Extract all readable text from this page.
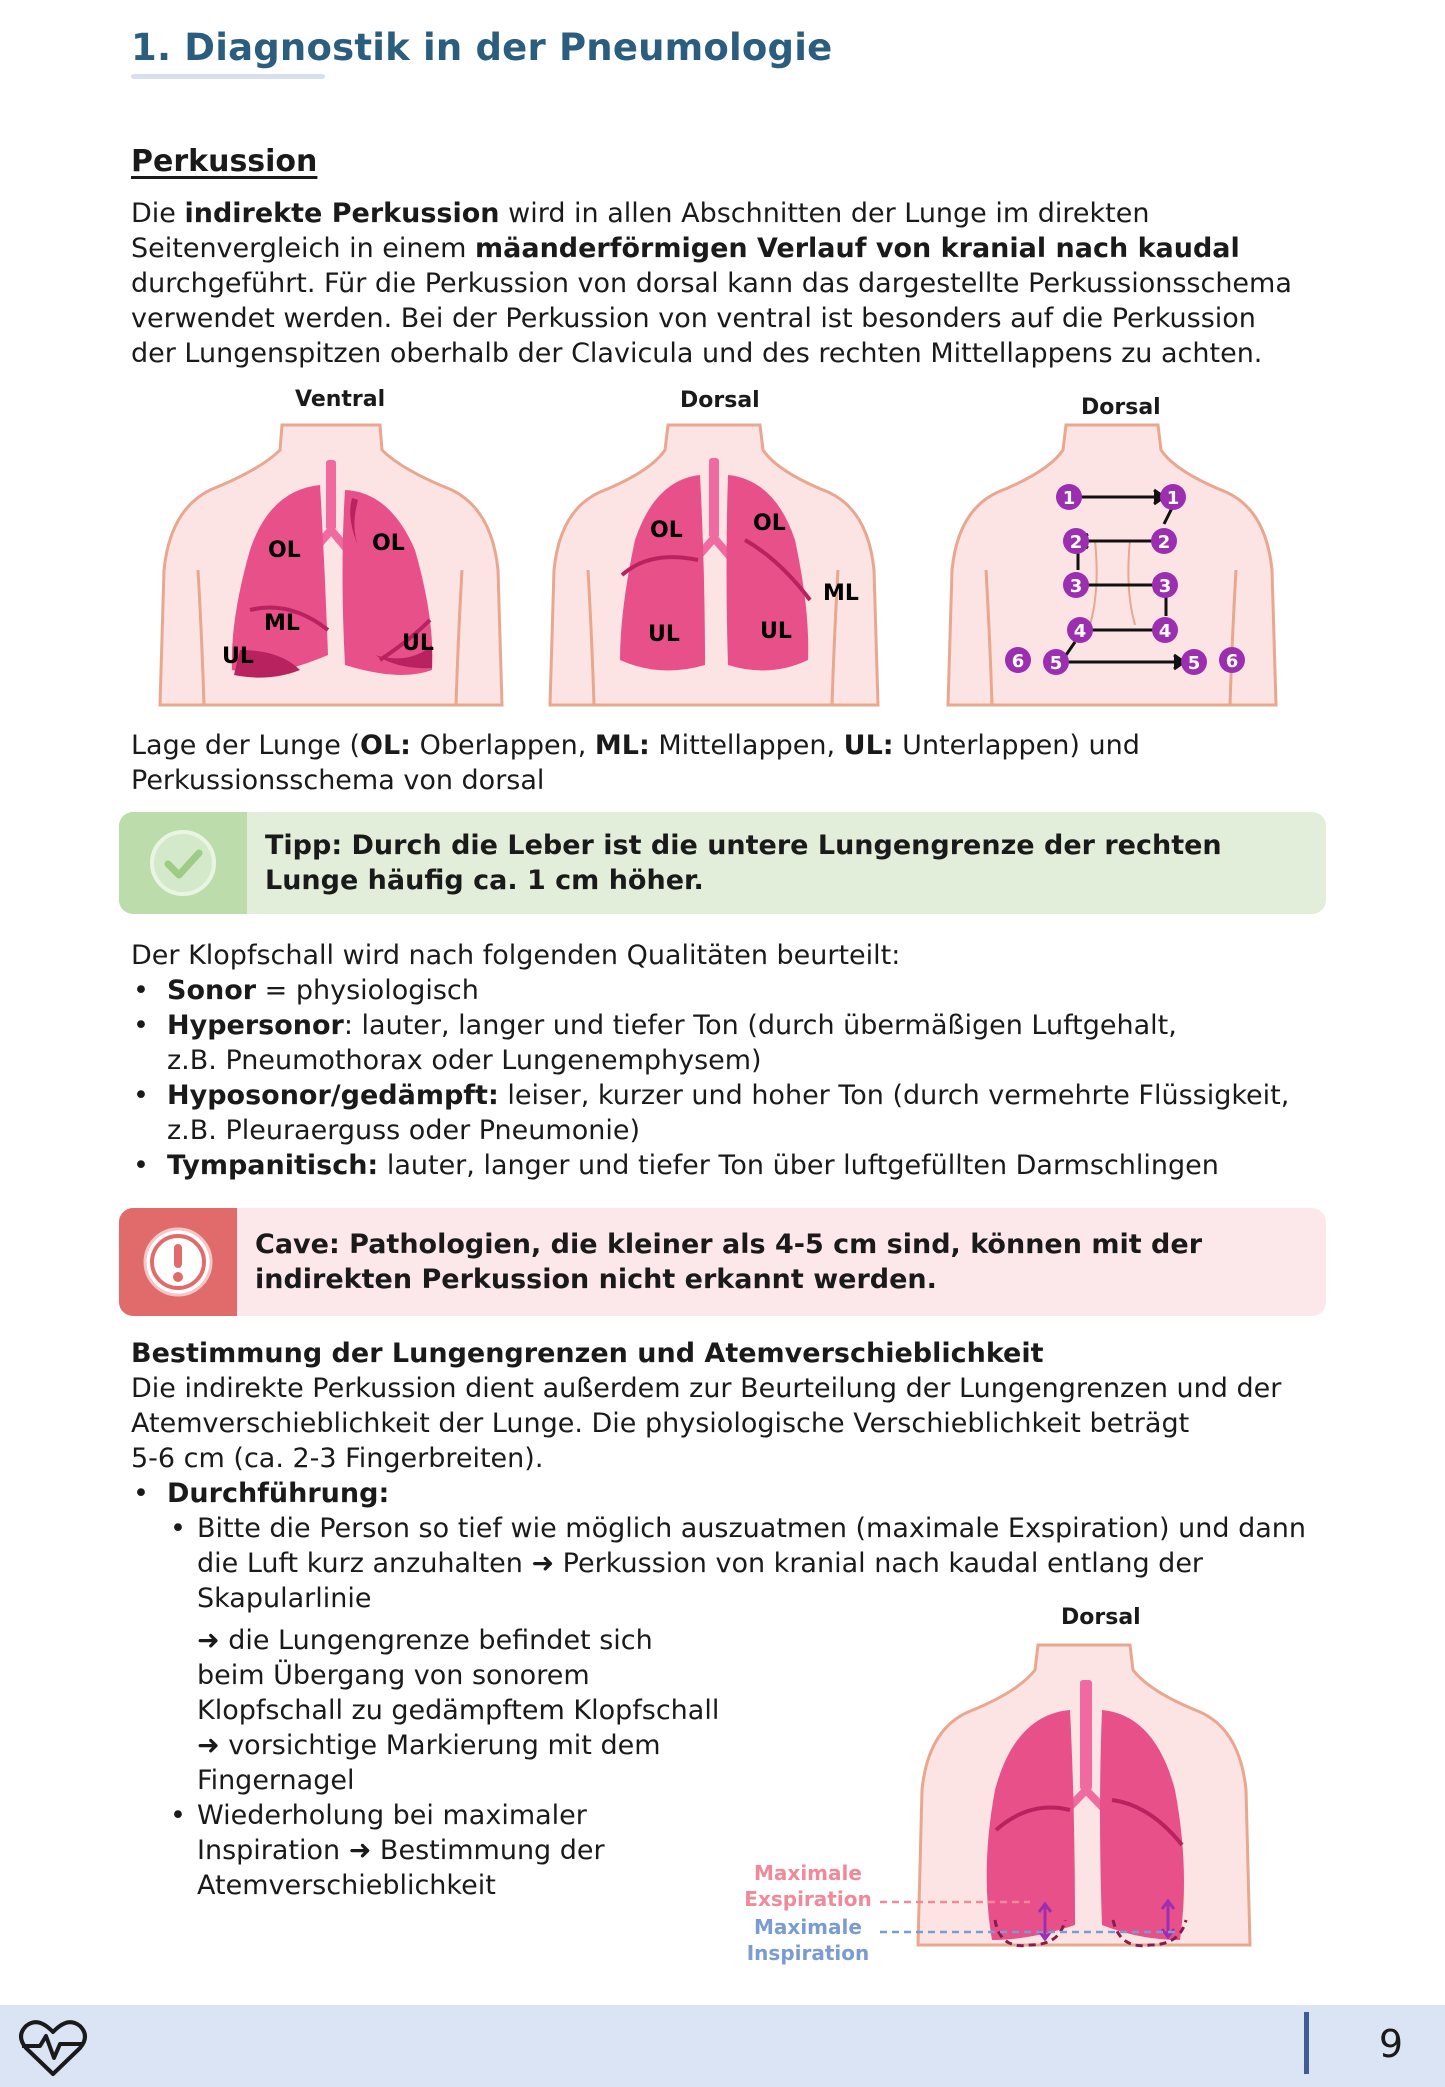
1. Diagnostik in der Pneumologie
Perkussion
Die indirekte Perkussion wird in allen Abschnitten der Lunge im direkten
Seitenvergleich in einem mäanderförmigen Verlauf von kranial nach kaudal
durchgeführt. Für die Perkussion von dorsal kann das dargestellte Perkussionsschema
verwendet werden. Bei der Perkussion von ventral ist besonders auf die Perkussion
der Lungenspitzen oberhalb der Clavicula und des rechten Mittellappens zu achten.
Ventral	Dorsal	Dorsal
OL	OL
ML
UL
UL
OL	OL
ML
UL	UL
1	1
2	2
3	3
4	4
5	5
6	6
Lage der Lunge (OL: Oberlappen, ML: Mittellappen, UL: Unterlappen) und
Perkussionsschema von dorsal
Tipp: Durch die Leber ist die untere Lungengrenze der rechten Lunge häufig ca. 1 cm höher.
Der Klopfschall wird nach folgenden Qualitäten beurteilt:
• Sonor = physiologisch
• Hypersonor: lauter, langer und tiefer Ton (durch übermäßigen Luftgehalt,
z.B. Pneumothorax oder Lungenemphysem)
• Hyposonor/gedämpft: leiser, kurzer und hoher Ton (durch vermehrte Flüssigkeit,
z.B. Pleuraerguss oder Pneumonie)
• Tympanitisch: lauter, langer und tiefer Ton über luftgefüllten Darmschlingen
Cave: Pathologien, die kleiner als 4-5 cm sind, können mit der indirekten Perkussion nicht erkannt werden.
Bestimmung der Lungengrenzen und Atemverschieblichkeit
Die indirekte Perkussion dient außerdem zur Beurteilung der Lungengrenzen und der
Atemverschieblichkeit der Lunge. Die physiologische Verschieblichkeit beträgt
5-6 cm (ca. 2-3 Fingerbreiten).
• Durchführung:
• Bitte die Person so tief wie möglich auszuatmen (maximale Exspiration) und dann
die Luft kurz anzuhalten ➜ Perkussion von kranial nach kaudal entlang der
Skapularlinie
➜ die Lungengrenze befindet sich
beim Übergang von sonorem
Klopfschall zu gedämpftem Klopfschall
➜ vorsichtige Markierung mit dem
Fingernagel
• Wiederholung bei maximaler
Inspiration ➜ Bestimmung der
Atemverschieblichkeit
Dorsal
Maximale
Exspiration
Maximale
Inspiration
9
